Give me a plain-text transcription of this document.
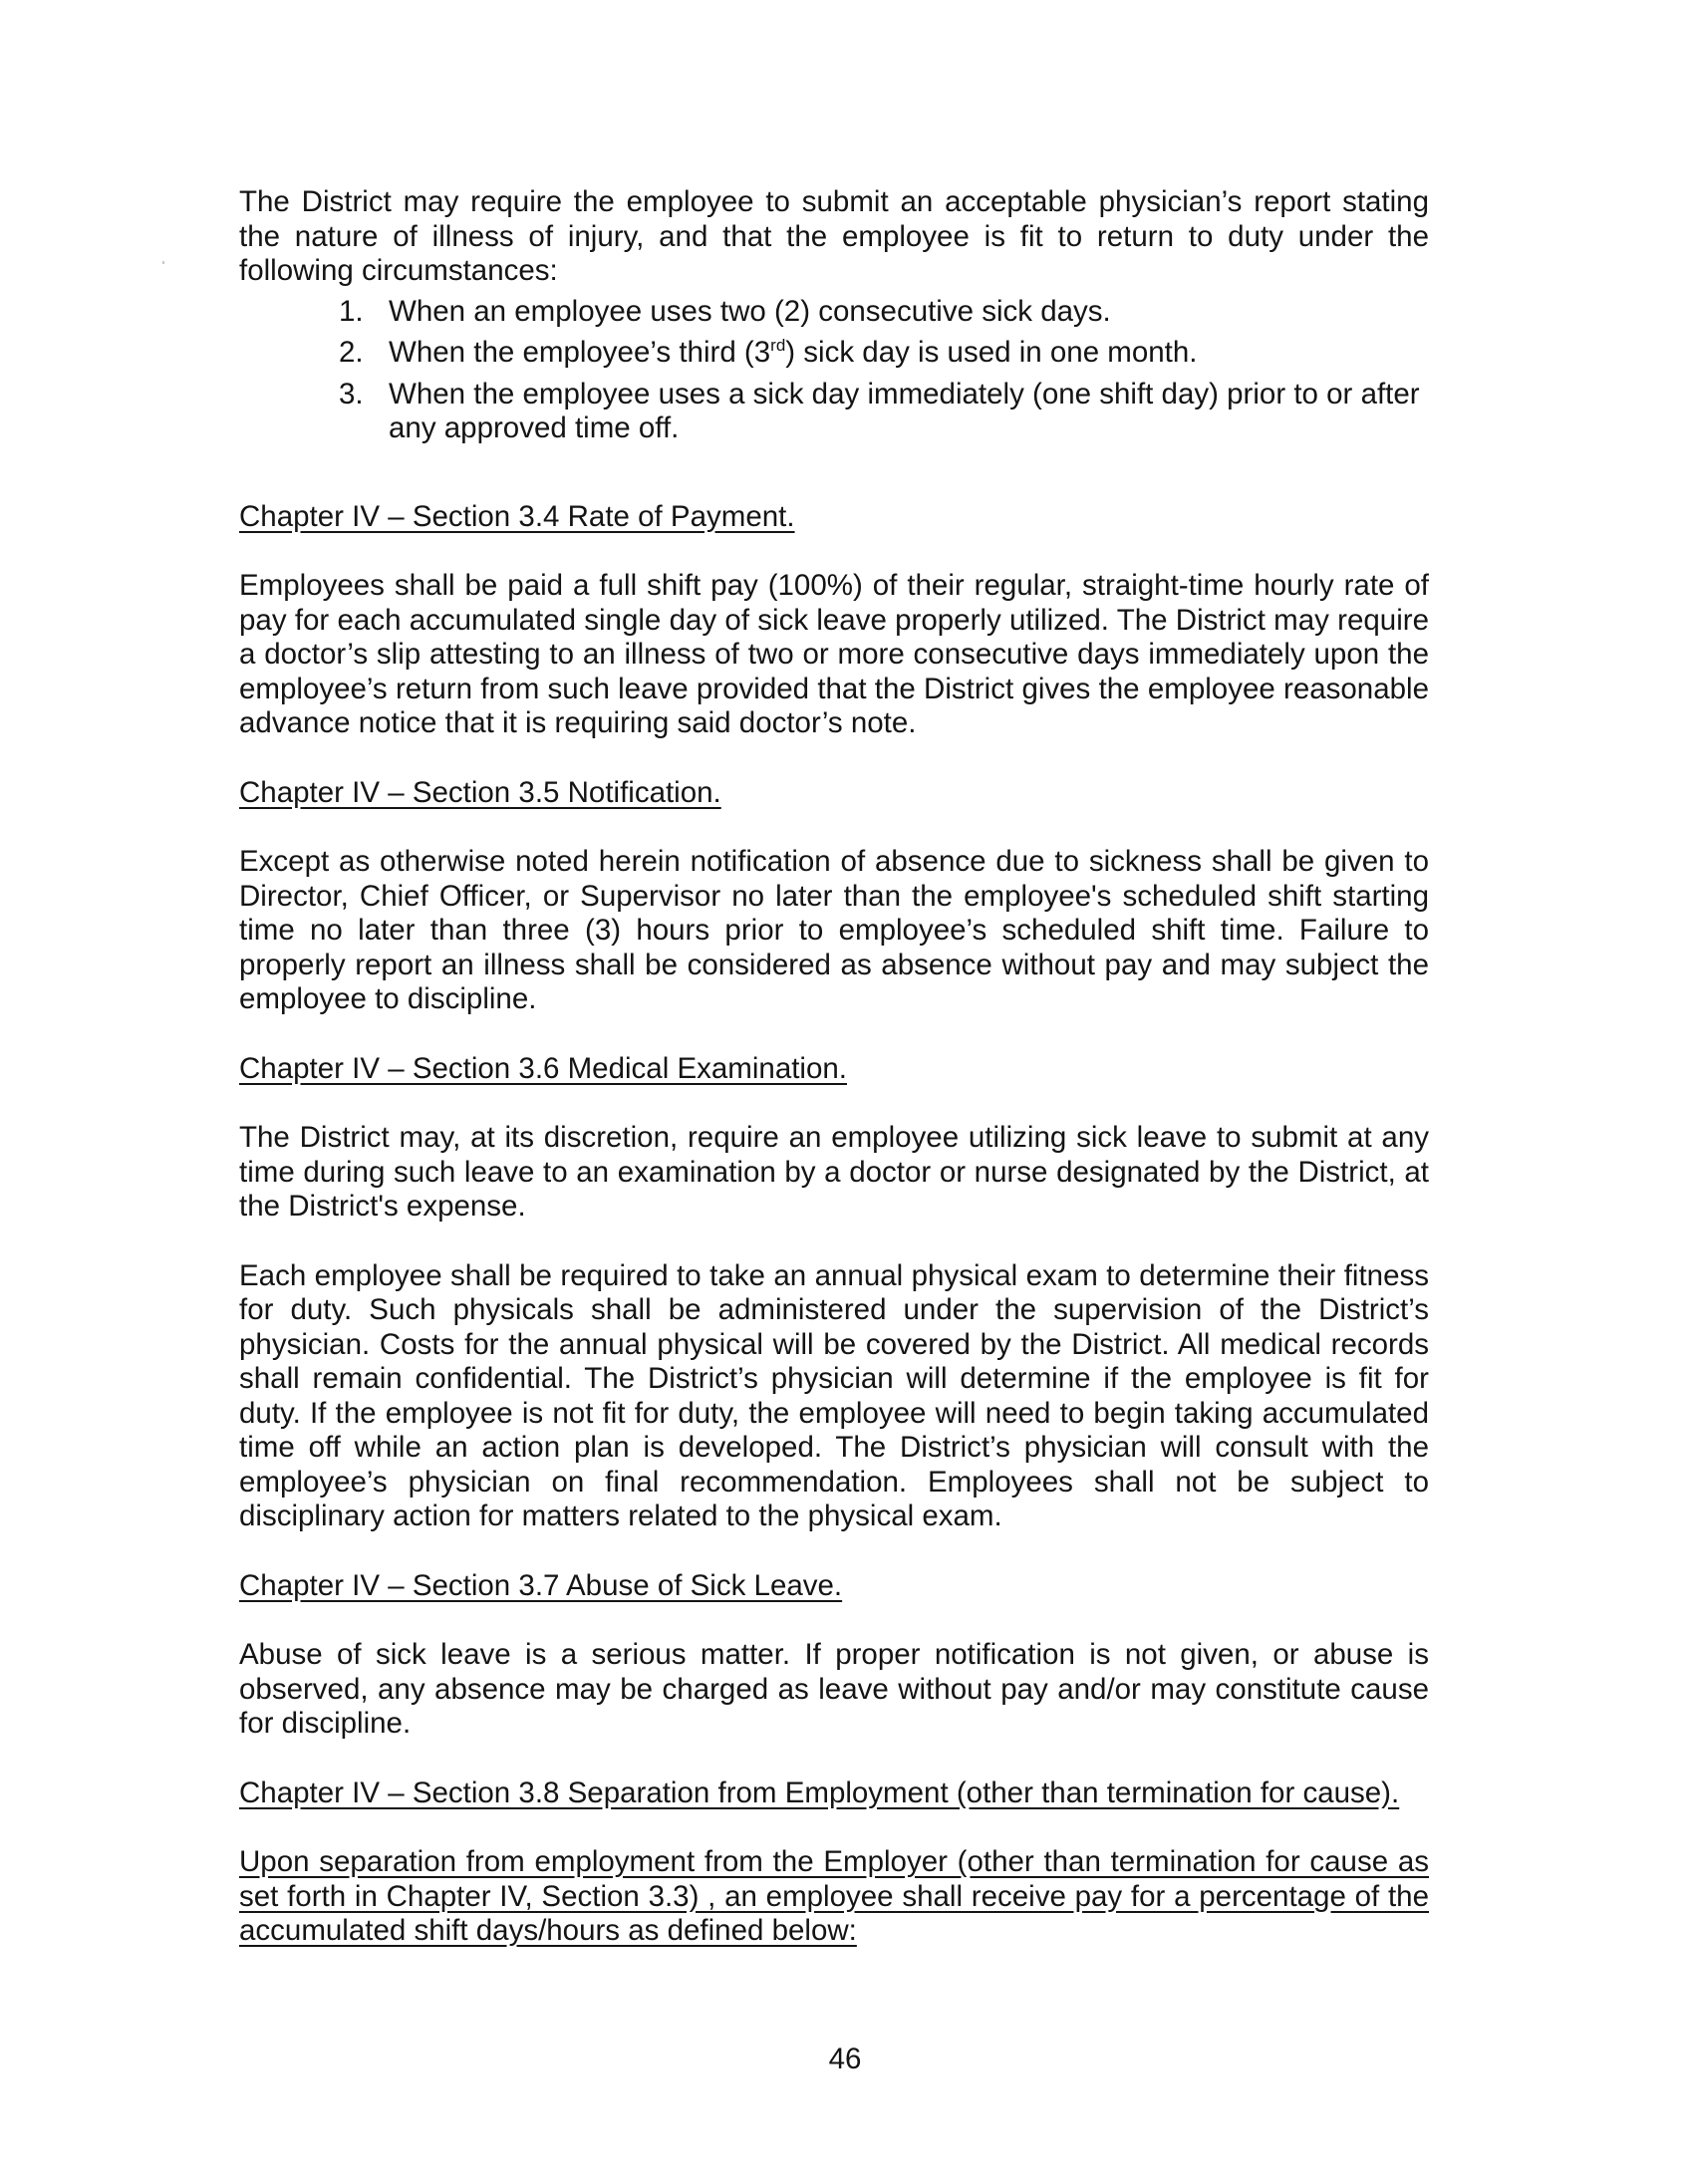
The District may require the employee to submit an acceptable physician’s report stating the nature of illness of injury, and that the employee is fit to return to duty under the following circumstances:

1. When an employee uses two (2) consecutive sick days.
2. When the employee’s third (3rd) sick day is used in one month.
3. When the employee uses a sick day immediately (one shift day) prior to or after any approved time off.
Chapter IV – Section 3.4 Rate of Payment.

Employees shall be paid a full shift pay (100%) of their regular, straight-time hourly rate of pay for each accumulated single day of sick leave properly utilized. The District may require a doctor’s slip attesting to an illness of two or more consecutive days immediately upon the employee’s return from such leave provided that the District gives the employee reasonable advance notice that it is requiring said doctor’s note.

Chapter IV – Section 3.5 Notification.

Except as otherwise noted herein notification of absence due to sickness shall be given to Director, Chief Officer, or Supervisor no later than the employee's scheduled shift starting time no later than three (3) hours prior to employee’s scheduled shift time. Failure to properly report an illness shall be considered as absence without pay and may subject the employee to discipline.

Chapter IV – Section 3.6 Medical Examination.

The District may, at its discretion, require an employee utilizing sick leave to submit at any time during such leave to an examination by a doctor or nurse designated by the District, at the District's expense.

Each employee shall be required to take an annual physical exam to determine their fitness for duty. Such physicals shall be administered under the supervision of the District’s physician. Costs for the annual physical will be covered by the District. All medical records shall remain confidential. The District’s physician will determine if the employee is fit for duty. If the employee is not fit for duty, the employee will need to begin taking accumulated time off while an action plan is developed. The District’s physician will consult with the employee’s physician on final recommendation. Employees shall not be subject to disciplinary action for matters related to the physical exam.

Chapter IV – Section 3.7 Abuse of Sick Leave.

Abuse of sick leave is a serious matter. If proper notification is not given, or abuse is observed, any absence may be charged as leave without pay and/or may constitute cause for discipline.

Chapter IV – Section 3.8 Separation from Employment (other than termination for cause).

Upon separation from employment from the Employer (other than termination for cause as set forth in Chapter IV, Section 3.3) , an employee shall receive pay for a percentage of the accumulated shift days/hours as defined below:

46
